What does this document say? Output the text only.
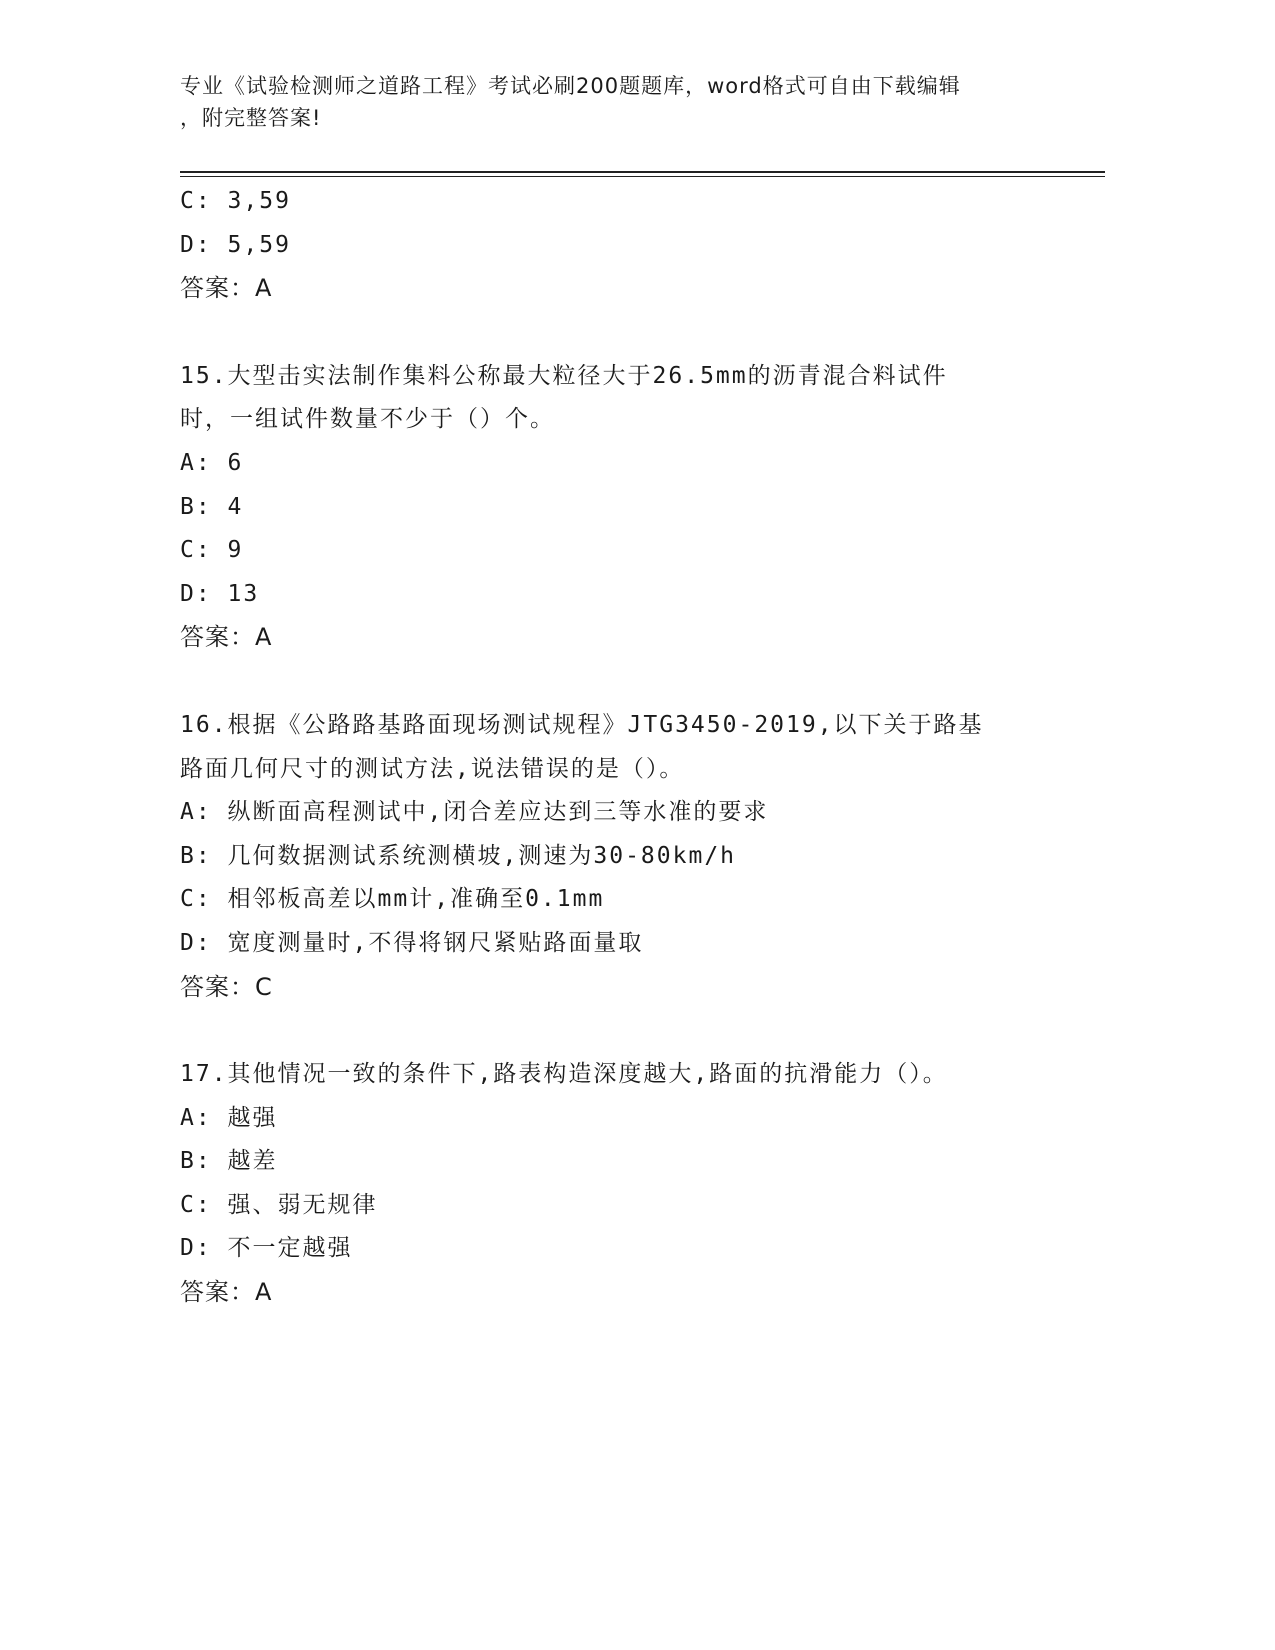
专业《试验检测师之道路工程》考试必刷200题题库，word格式可自由下载编辑
，附完整答案!
C: 3,59
D: 5,59
答案：A
15.大型击实法制作集料公称最大粒径大于26.5mm的沥青混合料试件
时，一组试件数量不少于（）个。
A: 6
B: 4
C: 9
D: 13
答案：A
16.根据《公路路基路面现场测试规程》JTG3450-2019,以下关于路基
路面几何尺寸的测试方法,说法错误的是（）。
A: 纵断面高程测试中,闭合差应达到三等水准的要求
B: 几何数据测试系统测横坡,测速为30-80km/h
C: 相邻板高差以mm计,准确至0.1mm
D: 宽度测量时,不得将钢尺紧贴路面量取
答案：C
17.其他情况一致的条件下,路表构造深度越大,路面的抗滑能力（）。
A: 越强
B: 越差
C: 强、弱无规律
D: 不一定越强
答案：A
